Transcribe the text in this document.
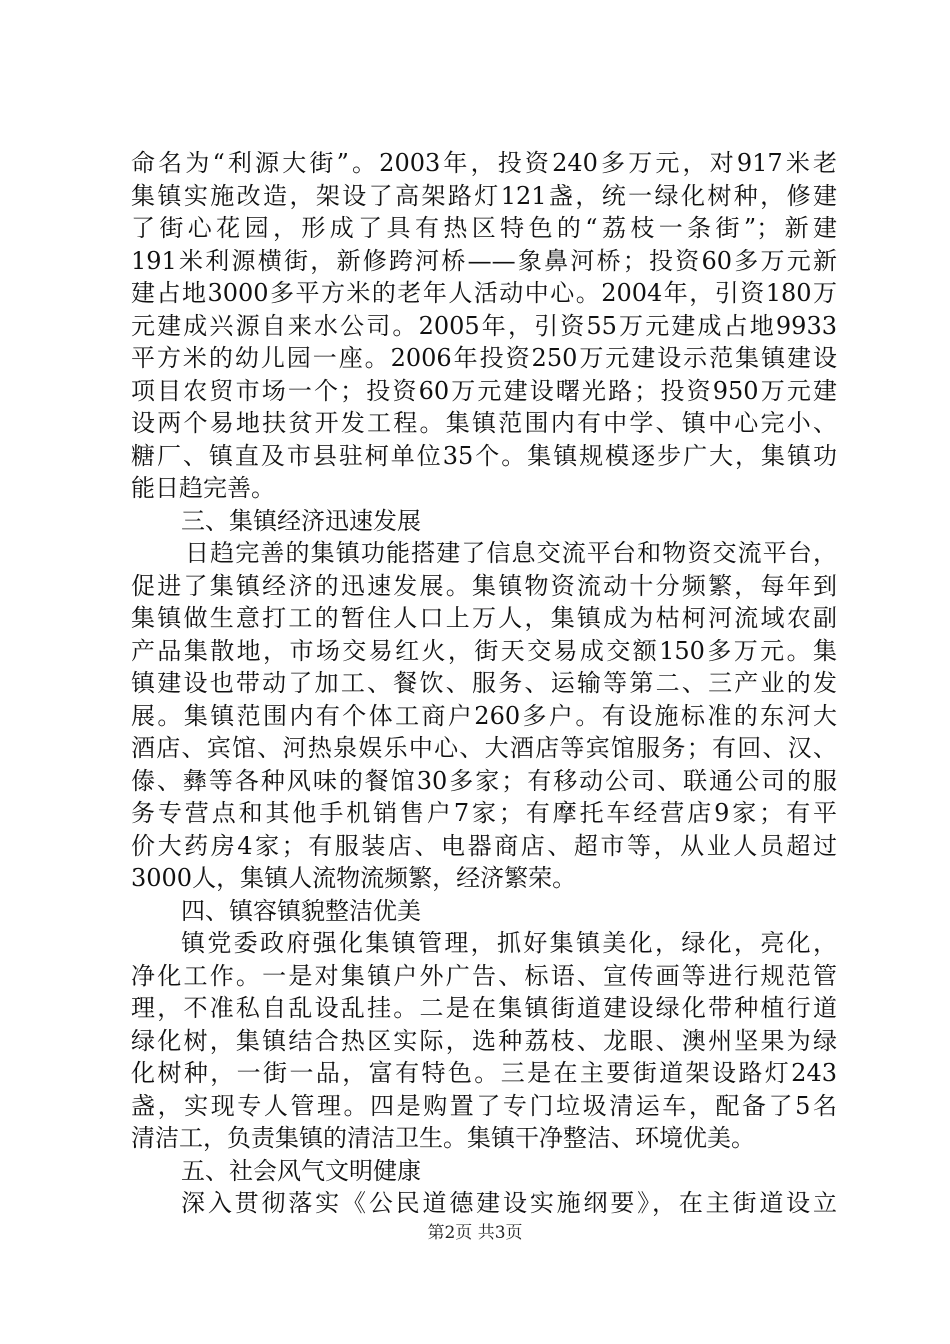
命名为“利源大街”。2003年，投资240多万元，对917米老
集镇实施改造，架设了高架路灯121盏，统一绿化树种，修建
了街心花园，形成了具有热区特色的“荔枝一条街”；新建
191米利源横街，新修跨河桥——象鼻河桥；投资60多万元新
建占地3000多平方米的老年人活动中心。2004年，引资180万
元建成兴源自来水公司。2005年，引资55万元建成占地9933
平方米的幼儿园一座。2006年投资250万元建设示范集镇建设
项目农贸市场一个；投资60万元建设曙光路；投资950万元建
设两个易地扶贫开发工程。集镇范围内有中学、镇中心完小、
糖厂、镇直及市县驻柯单位35个。集镇规模逐步广大，集镇功
能日趋完善。
三、集镇经济迅速发展
日趋完善的集镇功能搭建了信息交流平台和物资交流平台，
促进了集镇经济的迅速发展。集镇物资流动十分频繁，每年到
集镇做生意打工的暂住人口上万人，集镇成为枯柯河流域农副
产品集散地，市场交易红火，街天交易成交额150多万元。集
镇建设也带动了加工、餐饮、服务、运输等第二、三产业的发
展。集镇范围内有个体工商户260多户。有设施标准的东河大
酒店、宾馆、河热泉娱乐中心、大酒店等宾馆服务；有回、汉、
傣、彝等各种风味的餐馆30多家；有移动公司、联通公司的服
务专营点和其他手机销售户7家；有摩托车经营店9家；有平
价大药房4家；有服装店、电器商店、超市等，从业人员超过
3000人，集镇人流物流频繁，经济繁荣。
四、镇容镇貌整洁优美
镇党委政府强化集镇管理，抓好集镇美化，绿化，亮化，
净化工作。一是对集镇户外广告、标语、宣传画等进行规范管
理，不准私自乱设乱挂。二是在集镇街道建设绿化带种植行道
绿化树，集镇结合热区实际，选种荔枝、龙眼、澳州坚果为绿
化树种，一街一品，富有特色。三是在主要街道架设路灯243
盏，实现专人管理。四是购置了专门垃圾清运车，配备了5名
清洁工，负责集镇的清洁卫生。集镇干净整洁、环境优美。
五、社会风气文明健康
深入贯彻落实《公民道德建设实施纲要》，在主街道设立
第2页 共3页
